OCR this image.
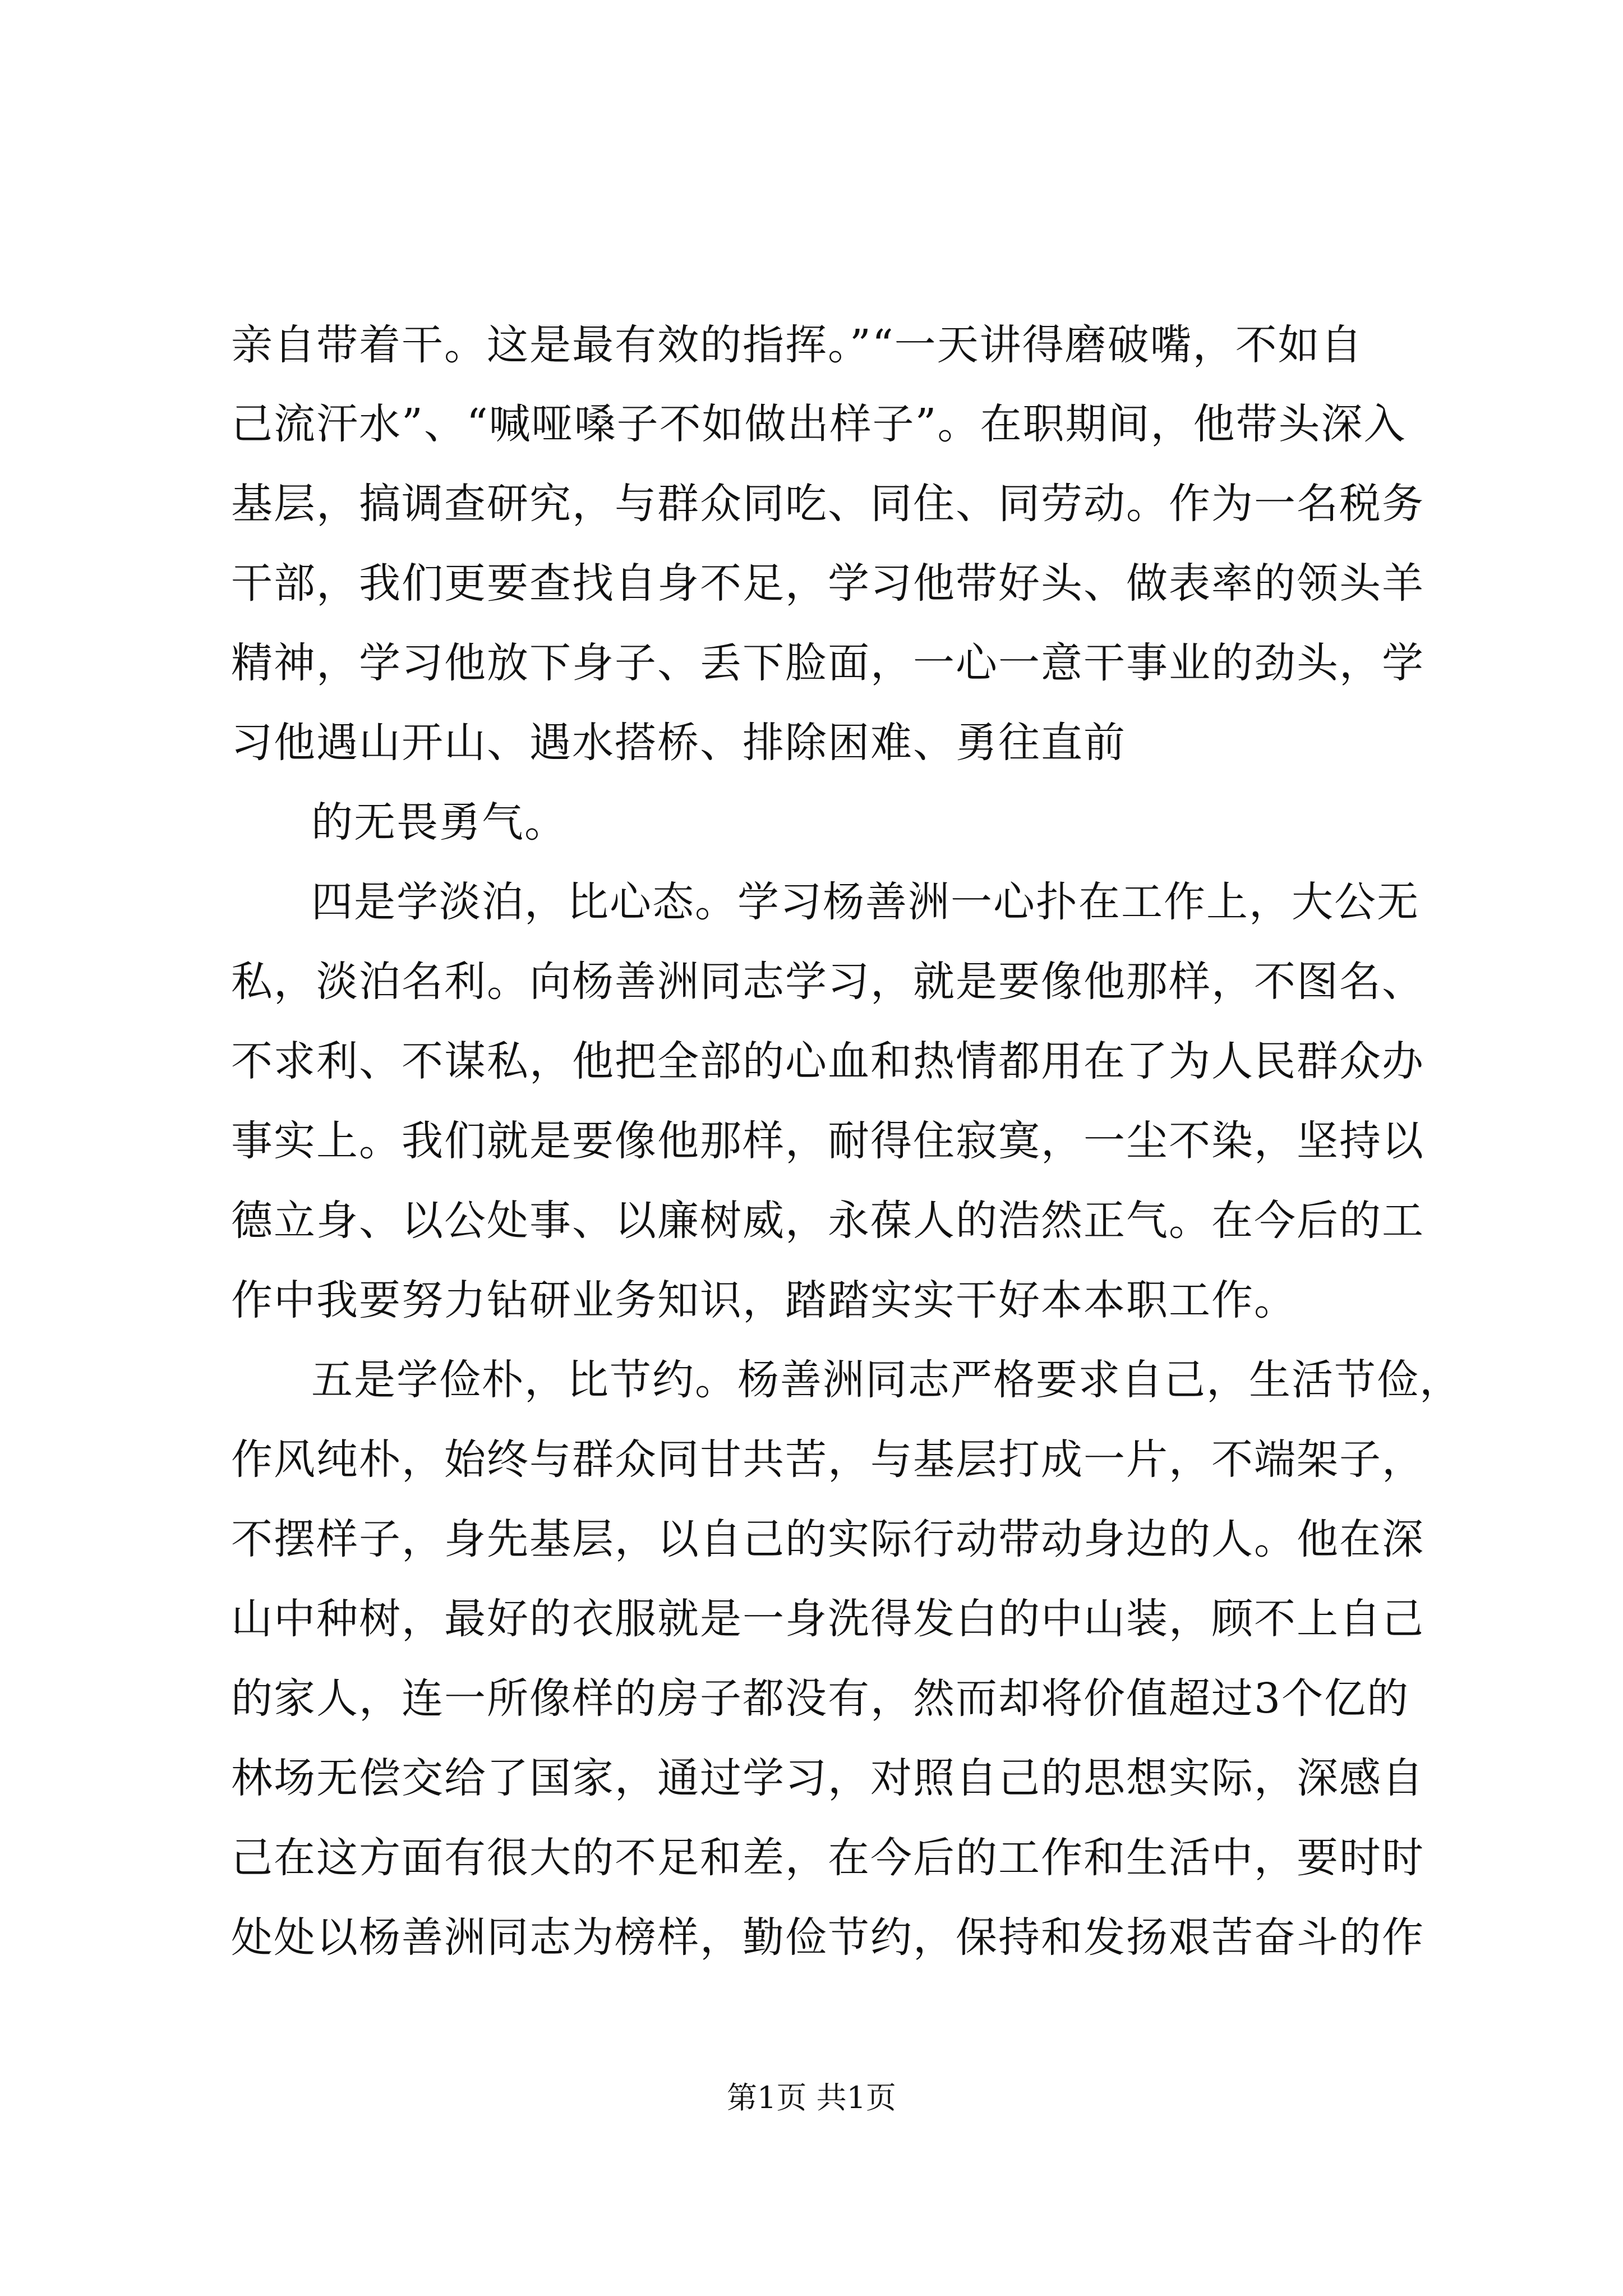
亲自带着干。这是最有效的指挥。”“一天讲得磨破嘴，不如自

己流汗水”、“喊哑嗓子不如做出样子”。在职期间，他带头深入

基层，搞调查研究，与群众同吃、同住、同劳动。作为一名税务

干部，我们更要查找自身不足，学习他带好头、做表率的领头羊

精神，学习他放下身子、丢下脸面，一心一意干事业的劲头，学

习他遇山开山、遇水搭桥、排除困难、勇往直前

的无畏勇气。

四是学淡泊，比心态。学习杨善洲一心扑在工作上，大公无

私，淡泊名利。向杨善洲同志学习，就是要像他那样，不图名、

不求利、不谋私，他把全部的心血和热情都用在了为人民群众办

事实上。我们就是要像他那样，耐得住寂寞，一尘不染，坚持以

德立身、以公处事、以廉树威，永葆人的浩然正气。在今后的工

作中我要努力钻研业务知识，踏踏实实干好本本职工作。

五是学俭朴，比节约。杨善洲同志严格要求自己，生活节俭，

作风纯朴，始终与群众同甘共苦，与基层打成一片，不端架子，

不摆样子，身先基层，以自己的实际行动带动身边的人。他在深

山中种树，最好的衣服就是一身洗得发白的中山装，顾不上自己

的家人，连一所像样的房子都没有，然而却将价值超过3个亿的

林场无偿交给了国家，通过学习，对照自己的思想实际，深感自

己在这方面有很大的不足和差，在今后的工作和生活中，要时时

处处以杨善洲同志为榜样，勤俭节约，保持和发扬艰苦奋斗的作

第1页 共1页
